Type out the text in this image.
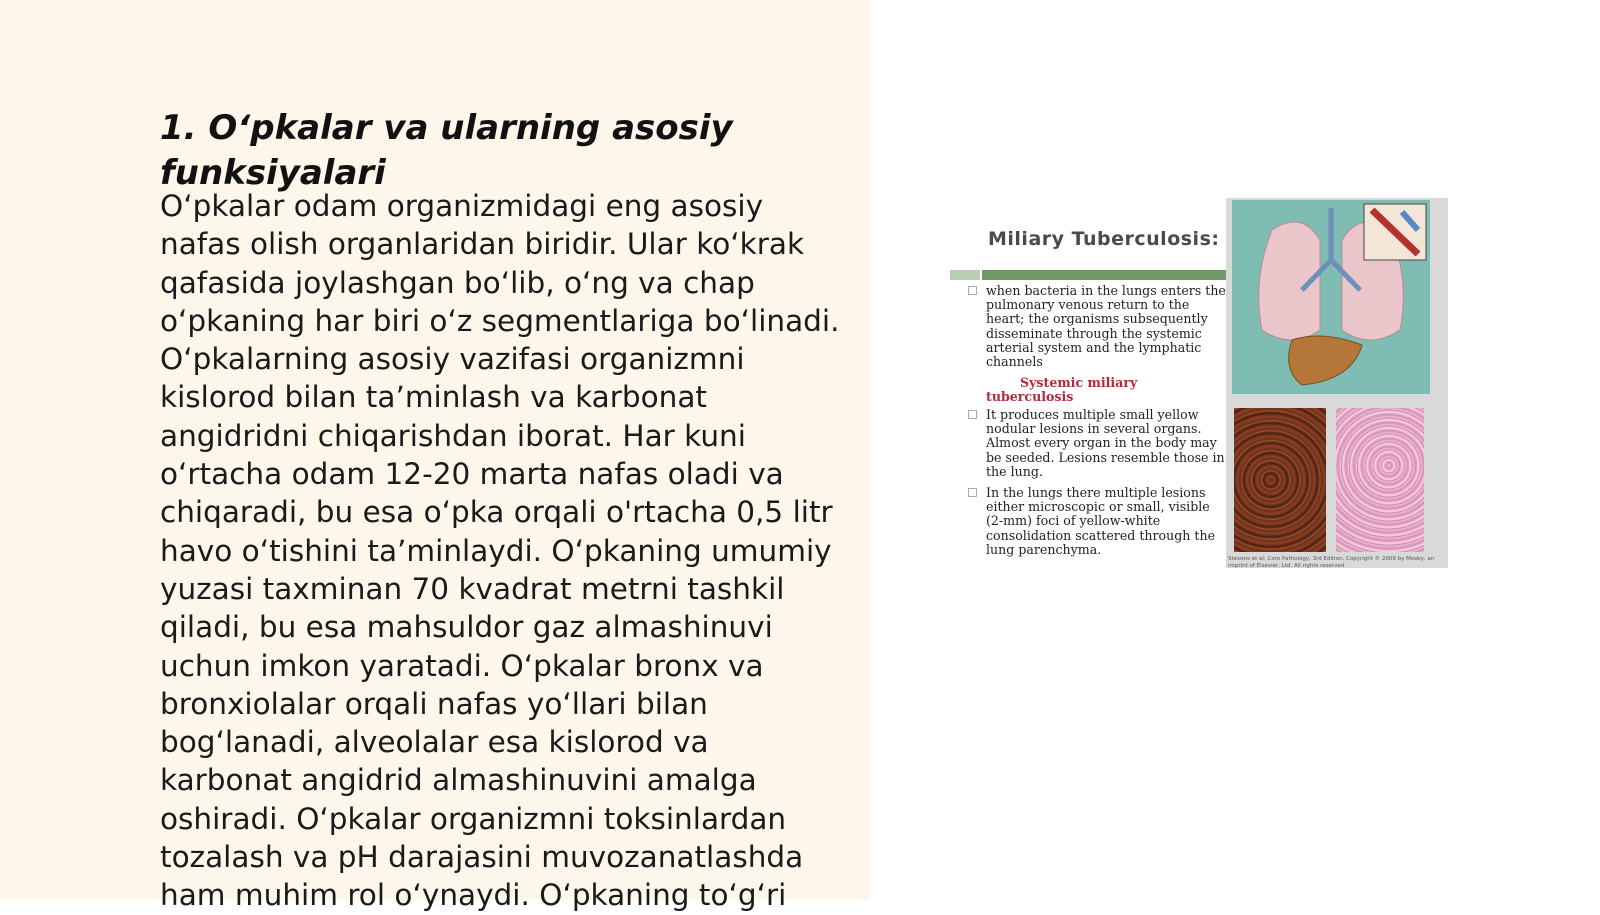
1. O‘pkalar va ularning asosiy funksiyalari

O‘pkalar odam organizmidagi eng asosiy nafas olish organlaridan biridir. Ular ko‘krak qafasida joylashgan bo‘lib, o‘ng va chap o‘pkaning har biri o‘z segmentlariga bo‘linadi. O‘pkalarning asosiy vazifasi organizmni kislorod bilan ta’minlash va karbonat angidridni chiqarishdan iborat. Har kuni o‘rtacha odam 12-20 marta nafas oladi va chiqaradi, bu esa o‘pka orqali o'rtacha 0,5 litr havo o‘tishini ta’minlaydi. O‘pkaning umumiy yuzasi taxminan 70 kvadrat metrni tashkil qiladi, bu esa mahsuldor gaz almashinuvi uchun imkon yaratadi. O‘pkalar bronx va bronxiolalar orqali nafas yo‘llari bilan bog‘lanadi, alveolalar esa kislorod va karbonat angidrid almashinuvini amalga oshiradi. O‘pkalar organizmni toksinlardan tozalash va pH darajasini muvozanatlashda ham muhim rol o‘ynaydi. O‘pkaning to‘g‘ri

Miliary Tuberculosis:
when bacteria in the lungs enters the pulmonary venous return to the heart; the organisms subsequently disseminate through the systemic arterial system and the lymphatic channels
Systemic miliary tuberculosis
It produces multiple small yellow nodular lesions in several organs. Almost every organ in the body may be seeded. Lesions resemble those in the lung.
In the lungs there multiple lesions either microscopic or small, visible (2-mm) foci of yellow-white consolidation scattered through the lung parenchyma.
Stevens et al: Core Pathology, 3rd Edition. Copyright © 2009 by Mosby, an imprint of Elsevier, Ltd. All rights reserved.
